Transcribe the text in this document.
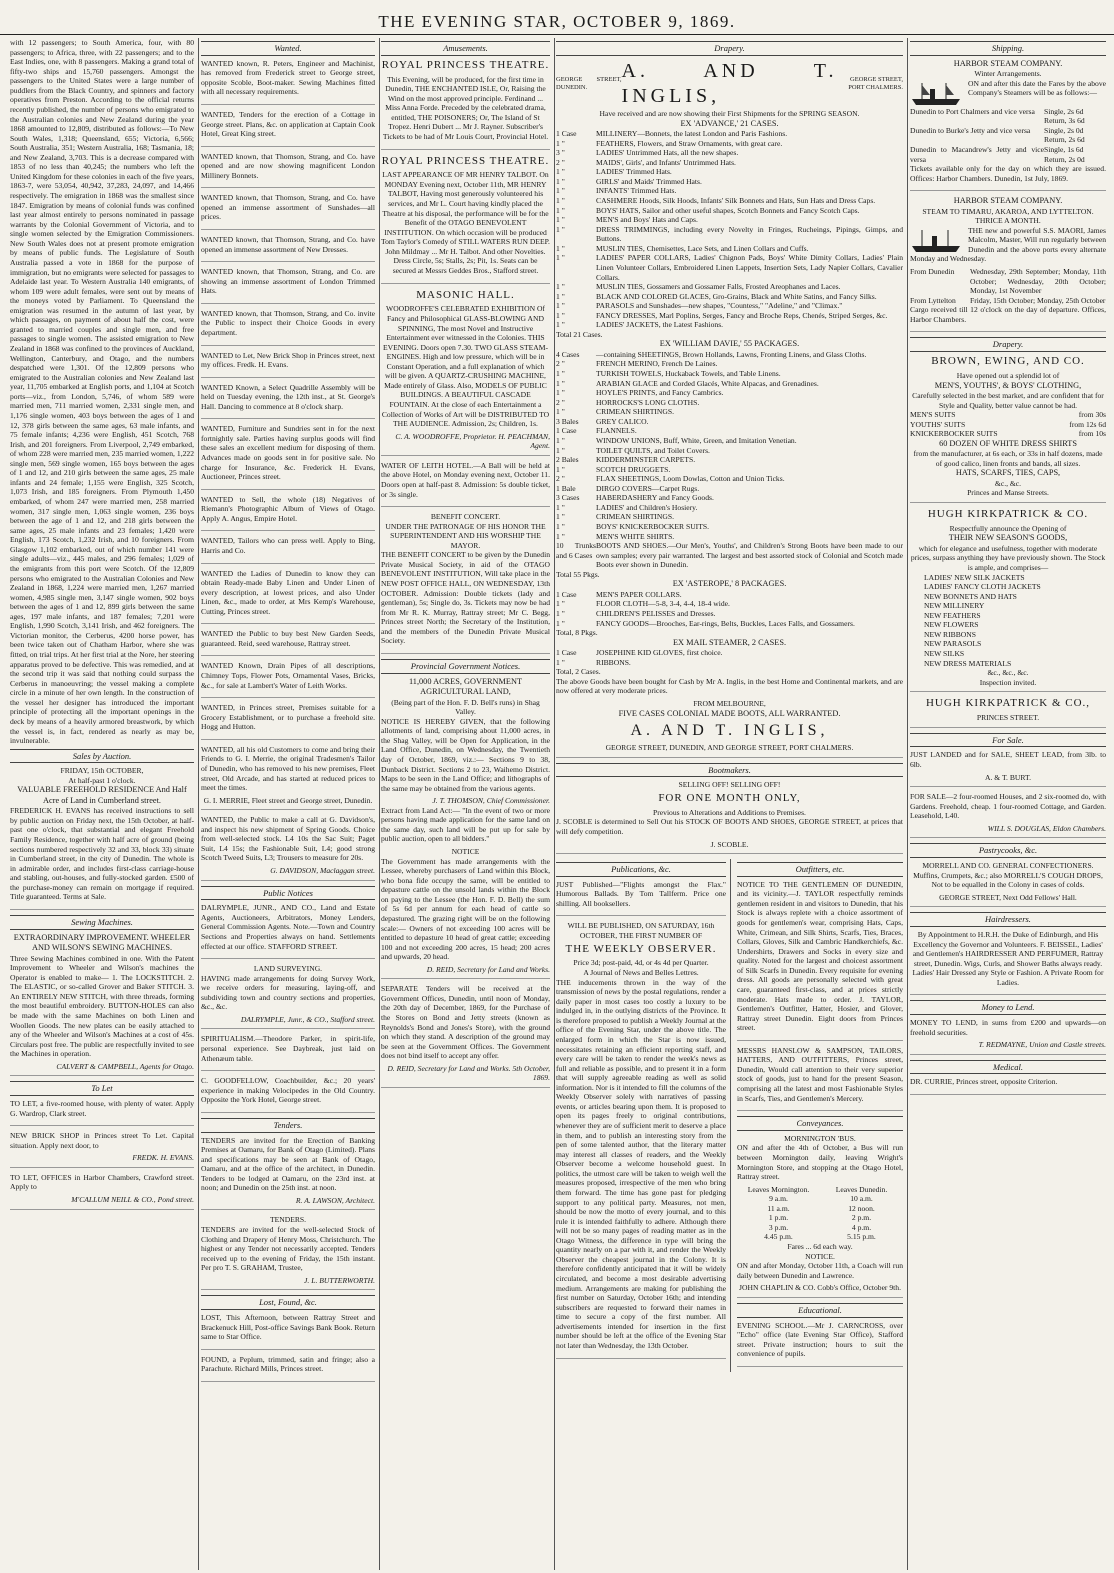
THE EVENING STAR, OCTOBER 9, 1869.

with 12 passengers; to South America, four, with 80 passengers; to Africa, three, with 22 passengers; and to the East Indies, one, with 8 passengers. Making a grand total of fifty-two ships and 15,760 passengers. Amongst the passengers to the United States were a large number of puddlers from the Black Country, and spinners and factory operatives from Preston. According to the official returns recently published, the number of persons who emigrated to the Australian colonies and New Zealand during the year 1868 amounted to 12,809, distributed as follows:—To New South Wales, 1,318; Queensland, 655; Victoria, 6,566; South Australia, 351; Western Australia, 168; Tasmania, 18; and New Zealand, 3,703. This is a decrease compared with 1853 of no less than 40,245; the numbers who left the United Kingdom for these colonies in each of the five years, 1863-7, were 53,054, 40,942, 37,283, 24,097, and 14,466 respectively. The emigration in 1868 was the smallest since 1847. Emigration by means of colonial funds was confined last year almost entirely to persons nominated in passage warrants by the Colonial Government of Victoria, and to single women selected by the Emigration Commissioners. New South Wales does not at present promote emigration by means of public funds. The Legislature of South Australia passed a vote in 1868 for the purpose of immigration, but no emigrants were selected for passages to Adelaide last year. To Western Australia 140 emigrants, of whom 109 were adult females, were sent out by means of the moneys voted by Parliament. To Queensland the emigration was resumed in the autumn of last year, by which passages, on payment of about half the cost, were granted to married couples and single men, and free passages to single women. The assisted emigration to New Zealand in 1868 was confined to the provinces of Auckland, Wellington, Canterbury, and Otago, and the numbers despatched were 1,301. Of the 12,809 persons who emigrated to the Australian colonies and New Zealand last year, 11,705 embarked at English ports, and 1,104 at Scotch ports—viz., from London, 5,746, of whom 589 were married men, 711 married women, 2,331 single men, and 1,176 single women, 403 boys between the ages of 1 and 12, 378 girls between the same ages, 63 male infants, and 75 female infants; 4,236 were English, 451 Scotch, 768 Irish, and 201 foreigners. From Liverpool, 2,749 embarked, of whom 228 were married men, 235 married women, 1,222 single men, 569 single women, 165 boys between the ages of 1 and 12, and 210 girls between the same ages, 25 male infants and 24 female; 1,155 were English, 325 Scotch, 1,073 Irish, and 185 foreigners. From Plymouth 1,450 embarked, of whom 247 were married men, 258 married women, 317 single men, 1,063 single women, 236 boys between the age of 1 and 12, and 218 girls between the same ages, 25 male infants and 23 females; 1,420 were English, 173 Scotch, 1,232 Irish, and 10 foreigners. From Glasgow 1,102 embarked, out of which number 141 were single adults—viz., 445 males, and 296 females; 1,029 of the emigrants from this port were Scotch. Of the 12,809 persons who emigrated to the Australian Colonies and New Zealand in 1868, 1,224 were married men, 1,267 married women, 4,985 single men, 3,147 single women, 902 boys between the ages of 1 and 12, 899 girls between the same ages, 197 male infants, and 187 females; 7,201 were English, 1,990 Scotch, 3,141 Irish, and 462 foreigners. The Victorian monitor, the Cerberus, 4200 horse power, has been twice taken out of Chatham Harbor, where she was fitted, on trial trips. At her first trial at the Nore, her steering apparatus proved to be defective. This was remedied, and at the second trip it was said that nothing could surpass the Cerberus in manoeuvring; the vessel making a complete circle in a minute of her own length. In the construction of the vessel her designer has introduced the important principle of protecting all the important openings in the deck by means of a heavily armored breastwork, by which the vessel is, in fact, rendered as nearly as may be, invulnerable.

Sales by Auction.
FRIDAY, 15th OCTOBER,
At half-past 1 o'clock.
VALUABLE FREEHOLD RESIDENCE And Half Acre of Land in Cumberland street.

FREDERICK H. EVANS has received instructions to sell by public auction on Friday next, the 15th October, at half-past one o'clock, that substantial and elegant Freehold Family Residence, together with half acre of ground (being sections numbered respectively 32 and 33, block 33) situate in Cumberland street, in the city of Dunedin. The whole is in admirable order, and includes first-class carriage-house and stabling, out-houses, and fully-stocked garden. £500 of the purchase-money can remain on mortgage if required. Title guaranteed. Terms at Sale.

Sewing Machines.
EXTRAORDINARY IMPROVEMENT. WHEELER AND WILSON'S SEWING MACHINES.

Three Sewing Machines combined in one. With the Patent Improvement to Wheeler and Wilson's machines the Operator is enabled to make— 1. The LOCKSTITCH. 2. The ELASTIC, or so-called Grover and Baker STITCH. 3. An ENTIRELY NEW STITCH, with three threads, forming the most beautiful embroidery. BUTTON-HOLES can also be made with the same Machines on both Linen and Woollen Goods. The new plates can be easily attached to any of the Wheeler and Wilson's Machines at a cost of 45s. Circulars post free. The public are respectfully invited to see the Machines in operation.

CALVERT & CAMPBELL, Agents for Otago.
To Let

TO LET, a five-roomed house, with plenty of water. Apply G. Wardrop, Clark street.

NEW BRICK SHOP in Princes street To Let. Capital situation. Apply next door, to

FREDK. H. EVANS.

TO LET, OFFICES in Harbor Chambers, Crawford street. Apply to

M'CALLUM NEILL & CO., Pond street.
Wanted.

WANTED known, R. Peters, Engineer and Machinist, has removed from Frederick street to George street, opposite Scoble, Boot-maker. Sewing Machines fitted with all necessary requirements.

WANTED, Tenders for the erection of a Cottage in George street. Plans, &c. on application at Captain Cook Hotel, Great King street.

WANTED known, that Thomson, Strang, and Co. have opened and are now showing magnificent London Millinery Bonnets.

WANTED known, that Thomson, Strang, and Co. have opened an immense assortment of Sunshades—all prices.

WANTED known, that Thomson, Strang, and Co. have opened an immense assortment of New Dresses.

WANTED known, that Thomson, Strang, and Co. are showing an immense assortment of London Trimmed Hats.

WANTED known, that Thomson, Strang, and Co. invite the Public to inspect their Choice Goods in every department.

WANTED to Let, New Brick Shop in Princes street, next my offices. Fredk. H. Evans.

WANTED Known, a Select Quadrille Assembly will be held on Tuesday evening, the 12th inst., at St. George's Hall. Dancing to commence at 8 o'clock sharp.

WANTED, Furniture and Sundries sent in for the next fortnightly sale. Parties having surplus goods will find these sales an excellent medium for disposing of them. Advances made on goods sent in for positive sale. No charge for Insurance, &c. Frederick H. Evans, Auctioneer, Princes street.

WANTED to Sell, the whole (18) Negatives of Riemann's Photographic Album of Views of Otago. Apply A. Angus, Empire Hotel.

WANTED, Tailors who can press well. Apply to Bing, Harris and Co.

WANTED the Ladies of Dunedin to know they can obtain Ready-made Baby Linen and Under Linen of every description, at lowest prices, and also Under Linen, &c., made to order, at Mrs Kemp's Warehouse, Cutting, Princes street.

WANTED the Public to buy best New Garden Seeds, guaranteed. Reid, seed warehouse, Rattray street.

WANTED Known, Drain Pipes of all descriptions, Chimney Tops, Flower Pots, Ornamental Vases, Bricks, &c., for sale at Lambert's Water of Leith Works.

WANTED, in Princes street, Premises suitable for a Grocery Establishment, or to purchase a freehold site. Hogg and Hutton.

WANTED, all his old Customers to come and bring their Friends to G. I. Merrie, the original Tradesmen's Tailor of Dunedin, who has removed to his new premises, Fleet street, Old Arcade, and has started at reduced prices to meet the times.

G. I. MERRIE, Fleet street and George street, Dunedin.

WANTED, the Public to make a call at G. Davidson's, and inspect his new shipment of Spring Goods. Choice from well-selected stock. L4 10s the Sac Suit; Paget Suit, L4 15s; the Fashionable Suit, L4; good strong Scotch Tweed Suits, L3; Trousers to measure for 20s.

G. DAVIDSON, Maclaggan street.
Public Notices

DALRYMPLE, JUNR., AND CO., Land and Estate Agents, Auctioneers, Arbitrators, Money Lenders, General Commission Agents. Note.—Town and Country Sections and Properties always on hand. Settlements effected at our office. STAFFORD STREET.

LAND SURVEYING.

HAVING made arrangements for doing Survey Work, we receive orders for measuring, laying-off, and subdividing town and country sections and properties, &c., &c.

DALRYMPLE, Junr., & CO., Stafford street.

SPIRITUALISM.—Theodore Parker, in spirit-life, personal experience. See Daybreak, just laid on Athenæum table.

C. GOODFELLOW, Coachbuilder, &c.; 20 years' experience in making Velocipedes in the Old Country. Opposite the York Hotel, George street.

Tenders.

TENDERS are invited for the Erection of Banking Premises at Oamaru, for Bank of Otago (Limited). Plans and specifications may be seen at Bank of Otago, Oamaru, and at the office of the architect, in Dunedin. Tenders to be lodged at Oamaru, on the 23rd inst. at noon; and Dunedin on the 25th inst. at noon.

R. A. LAWSON, Architect.
TENDERS.

TENDERS are invited for the well-selected Stock of Clothing and Drapery of Henry Moss, Christchurch. The highest or any Tender not necessarily accepted. Tenders received up to the evening of Friday, the 15th instant. Per pro T. S. GRAHAM, Trustee,

J. L. BUTTERWORTH.
Lost, Found, &c.

LOST, This Afternoon, between Rattray Street and Brackenuck Hill, Post-office Savings Bank Book. Return same to Star Office.

FOUND, a Peplum, trimmed, satin and fringe; also a Parachute. Richard Mills, Princes street.

Amusements.
ROYAL PRINCESS THEATRE.

This Evening, will be produced, for the first time in Dunedin, THE ENCHANTED ISLE, Or, Raising the Wind on the most approved principle. Ferdinand ... Miss Anna Forde. Preceded by the celebrated drama, entitled, THE POISONERS; Or, The Island of St Tropez. Henri Dubert ... Mr J. Rayner. Subscriber's Tickets to be had of Mr Louis Court, Provincial Hotel.

ROYAL PRINCESS THEATRE.

LAST APPEARANCE OF MR HENRY TALBOT. On MONDAY Evening next, October 11th, MR HENRY TALBOT, Having most generously volunteered his services, and Mr L. Court having kindly placed the Theatre at his disposal, the performance will be for the Benefit of the OTAGO BENEVOLENT INSTITUTION. On which occasion will be produced Tom Taylor's Comedy of STILL WATERS RUN DEEP. John Mildmay ... Mr H. Talbot. And other Novelties. Dress Circle, 5s; Stalls, 2s; Pit, 1s. Seats can be secured at Messrs Geddes Bros., Stafford street.

MASONIC HALL.

WOODROFFE'S CELEBRATED EXHIBITION Of Fancy and Philosophical GLASS-BLOWING AND SPINNING, The most Novel and Instructive Entertainment ever witnessed in the Colonies. THIS EVENING. Doors open 7.30. TWO GLASS STEAM-ENGINES. High and low pressure, which will be in Constant Operation, and a full explanation of which will be given. A QUARTZ-CRUSHING MACHINE, Made entirely of Glass. Also, MODELS OF PUBLIC BUILDINGS. A BEAUTIFUL CASCADE FOUNTAIN. At the close of each Entertainment a Collection of Works of Art will be DISTRIBUTED TO THE AUDIENCE. Admission, 2s; Children, 1s.

C. A. WOODROFFE, Proprietor. H. PEACHMAN, Agent.

WATER OF LEITH HOTEL.—A Ball will be held at the above Hotel, on Monday evening next, October 11. Doors open at half-past 8. Admission: 5s double ticket, or 3s single.

BENEFIT CONCERT.
UNDER THE PATRONAGE OF HIS HONOR THE SUPERINTENDENT AND HIS WORSHIP THE MAYOR.

THE BENEFIT CONCERT to be given by the Dunedin Private Musical Society, in aid of the OTAGO BENEVOLENT INSTITUTION, Will take place in the NEW POST OFFICE HALL, ON WEDNESDAY, 13th OCTOBER. Admission: Double tickets (lady and gentleman), 5s; Single do, 3s. Tickets may now be had from Mr R. K. Murray, Rattray street; Mr C. Begg, Princes street North; the Secretary of the Institution, and the members of the Dunedin Private Musical Society.

Provincial Government Notices.
11,000 ACRES, GOVERNMENT AGRICULTURAL LAND,
(Being part of the Hon. F. D. Bell's runs) in Shag Valley.

NOTICE IS HEREBY GIVEN, that the following allotments of land, comprising about 11,000 acres, in the Shag Valley, will be Open for Application, in the Land Office, Dunedin, on Wednesday, the Twentieth day of October, 1869, viz.:— Sections 9 to 38, Dunback District. Sections 2 to 23, Waihemo District. Maps to be seen in the Land Office; and lithographs of the same may be obtained from the various agents.

J. T. THOMSON, Chief Commissioner.

Extract from Land Act:— "In the event of two or more persons having made application for the same land on the same day, such land will be put up for sale by public auction, open to all bidders."

NOTICE

The Government has made arrangements with the Lessee, whereby purchasers of Land within this Block, who bona fide occupy the same, will be entitled to depasture cattle on the unsold lands within the Block on paying to the Lessee (the Hon. F. D. Bell) the sum of 5s 6d per annum for each head of cattle so depastured. The grazing right will be on the following scale:— Owners of not exceeding 100 acres will be entitled to depasture 10 head of great cattle; exceeding 100 and not exceeding 200 acres, 15 head; 200 acres and upwards, 20 head.

D. REID, Secretary for Land and Works.

SEPARATE Tenders will be received at the Government Offices, Dunedin, until noon of Monday, the 20th day of December, 1869, for the Purchase of the Stores on Bond and Jetty streets (known as Reynolds's Bond and Jones's Store), with the ground on which they stand. A description of the ground may be seen at the Government Offices. The Government does not bind itself to accept any offer.

D. REID, Secretary for Land and Works. 5th October, 1869.
Drapery.
GEORGE STREET, DUNEDIN.
A. AND T. INGLIS,
GEORGE STREET, PORT CHALMERS.
Have received and are now showing their First Shipments for the SPRING SEASON.
EX 'ADVANCE,' 21 CASES.
1 Case	MILLINERY—Bonnets, the latest London and Paris Fashions.
1 "	FEATHERS, Flowers, and Straw Ornaments, with great care.
3 "	LADIES' Untrimmed Hats, all the new shapes.
2 "	MAIDS', Girls', and Infants' Untrimmed Hats.
1 "	LADIES' Trimmed Hats.
1 "	GIRLS' and Maids' Trimmed Hats.
1 "	INFANTS' Trimmed Hats.
1 "	CASHMERE Hoods, Silk Hoods, Infants' Silk Bonnets and Hats, Sun Hats and Dress Caps.
1 "	BOYS' HATS, Sailor and other useful shapes, Scotch Bonnets and Fancy Scotch Caps.
1 "	MEN'S and Boys' Hats and Caps.
1 "	DRESS TRIMMINGS, including every Novelty in Fringes, Rucheings, Pipings, Gimps, and Buttons.
1 "	MUSLIN TIES, Chemisettes, Lace Sets, and Linen Collars and Cuffs.
1 "	LADIES' PAPER COLLARS, Ladies' Chignon Pads, Boys' White Dimity Collars, Ladies' Plain Linen Volunteer Collars, Embroidered Linen Lappets, Insertion Sets, Lady Napier Collars, Cavalier Collars.
1 "	MUSLIN TIES, Gossamers and Gossamer Falls, Frosted Areophanes and Laces.
1 "	BLACK AND COLORED GLACES, Gro-Grains, Black and White Satins, and Fancy Silks.
1 "	PARASOLS and Sunshades—new shapes, "Countess," "Adeline," and "Climax."
1 "	FANCY DRESSES, Marl Poplins, Serges, Fancy and Broche Reps, Chenés, Striped Serges, &c.
1 "	LADIES' JACKETS, the Latest Fashions.
Total 21 Cases.
EX 'WILLIAM DAVIE,' 55 PACKAGES.
4 Cases	—containing SHEETINGS, Brown Hollands, Lawns, Fronting Linens, and Glass Cloths.
2 "	FRENCH MERINO, French De Laines.
1 "	TURKISH TOWELS, Huckaback Towels, and Table Linens.
1 "	ARABIAN GLACE and Corded Glacés, White Alpacas, and Grenadines.
1 "	HOYLE'S PRINTS, and Fancy Cambrics.
2 "	HORROCKS'S LONG CLOTHS.
1 "	CRIMEAN SHIRTINGS.
3 Bales	GREY CALICO.
1 Case	FLANNELS.
1 "	WINDOW UNIONS, Buff, White, Green, and Imitation Venetian.
1 "	TOILET QUILTS, and Toilet Covers.
2 Bales	KIDDERMINSTER CARPETS.
1 "	SCOTCH DRUGGETS.
2 "	FLAX SHEETINGS, Loom Dowlas, Cotton and Union Ticks.
1 Bale	DIRGO COVERS—Carpet Rugs.
3 Cases	HABERDASHERY and Fancy Goods.
1 "	LADIES' and Children's Hosiery.
1 "	CRIMEAN SHIRTINGS.
1 "	BOYS' KNICKERBOCKER SUITS.
1 "	MEN'S WHITE SHIRTS.
10 Trunks and 6 Cases
BOOTS AND SHOES.—Our Men's, Youths', and Children's Strong Boots have been made to our own samples; every pair warranted. The largest and best assorted stock of Colonial and Scotch made Boots ever shown in Dunedin.
Total 55 Pkgs.
EX 'ASTEROPE,' 8 PACKAGES.
1 Case	MEN'S PAPER COLLARS.
1 "	FLOOR CLOTH—5-8, 3-4, 4-4, 18-4 wide.
1 "	CHILDREN'S PELISSES and Dresses.
1 "	FANCY GOODS—Brooches, Ear-rings, Belts, Buckles, Laces Falls, and Gossamers.
Total, 8 Pkgs.
EX MAIL STEAMER, 2 CASES.
1 Case	JOSEPHINE KID GLOVES, first choice.
1 "	RIBBONS.
Total, 2 Cases.

The above Goods have been bought for Cash by Mr A. Inglis, in the best Home and Continental markets, and are now offered at very moderate prices.

FROM MELBOURNE,
FIVE CASES COLONIAL MADE BOOTS, ALL WARRANTED.
A. AND T. INGLIS,
GEORGE STREET, DUNEDIN, AND GEORGE STREET, PORT CHALMERS.
Bootmakers.
SELLING OFF! SELLING OFF!
FOR ONE MONTH ONLY,
Previous to Alterations and Additions to Premises.

J. SCOBLE is determined to Sell Out his STOCK OF BOOTS AND SHOES, GEORGE STREET, at prices that will defy competition.

J. SCOBLE.
Publications, &c.

JUST Published—"Flights amongst the Flax." Humorous Ballads. By Tom Tallferm. Price one shilling. All booksellers.

WILL BE PUBLISHED, ON SATURDAY, 16th OCTOBER, THE FIRST NUMBER OF
THE WEEKLY OBSERVER.
Price 3d; post-paid, 4d, or 4s 4d per Quarter.
A Journal of News and Belles Lettres.

THE inducements thrown in the way of the transmission of news by the postal regulations, render a daily paper in most cases too costly a luxury to be indulged in, in the outlying districts of the Province. It is therefore proposed to publish a Weekly Journal at the office of the Evening Star, under the above title. The enlarged form in which the Star is now issued, necessitates retaining an efficient reporting staff, and every care will be taken to render the week's news as full and reliable as possible, and to present it in a form that will supply agreeable reading as well as solid information. Nor is it intended to fill the columns of the Weekly Observer solely with narratives of passing events, or articles bearing upon them. It is proposed to open its pages freely to original contributions, whenever they are of sufficient merit to deserve a place in them, and to publish an interesting story from the pen of some talented author, that the literary matter may interest all classes of readers, and the Weekly Observer become a welcome household guest. In politics, the utmost care will be taken to weigh well the measures proposed, irrespective of the men who bring them forward. The time has gone past for pledging support to any political party. Measures, not men, should be now the motto of every journal, and to this rule it is intended faithfully to adhere. Although there will not be so many pages of reading matter as in the Otago Witness, the difference in type will bring the quantity nearly on a par with it, and render the Weekly Observer the cheapest journal in the Colony. It is therefore confidently anticipated that it will be widely circulated, and become a most desirable advertising medium. Arrangements are making for publishing the first number on Saturday, October 16th; and intending subscribers are requested to forward their names in time to secure a copy of the first number. All advertisements intended for insertion in the first number should be left at the office of the Evening Star not later than Wednesday, the 13th October.

Outfitters, etc.

NOTICE TO THE GENTLEMEN OF DUNEDIN, and its vicinity.—J. TAYLOR respectfully reminds gentlemen resident in and visitors to Dunedin, that his Stock is always replete with a choice assortment of goods for gentlemen's wear, comprising Hats, Caps, White, Crimean, and Silk Shirts, Scarfs, Ties, Braces, Collars, Gloves, Silk and Cambric Handkerchiefs, &c. Undershirts, Drawers and Socks in every size and quality. Noted for the largest and choicest assortment of Silk Scarfs in Dunedin. Every requisite for evening dress. All goods are personally selected with great care, guaranteed first-class, and at prices strictly moderate. Hats made to order. J. TAYLOR, Gentlemen's Outfitter, Hatter, Hosier, and Glover, Rattray street Dunedin. Eight doors from Princes street.

MESSRS HANSLOW & SAMPSON, TAILORS, HATTERS, AND OUTFITTERS, Princes street, Dunedin, Would call attention to their very superior stock of goods, just to hand for the present Season, comprising all the latest and most Fashionable Styles in Scarfs, Ties, and Gentlemen's Mercery.

Conveyances.
MORNINGTON 'BUS.

ON and after the 4th of October, a Bus will run between Mornington daily, leaving Wright's Mornington Store, and stopping at the Otago Hotel, Rattray street.

Leaves Mornington.	Leaves Dunedin.
9 a.m.	10 a.m.
11 a.m.	12 noon.
1 p.m.	2 p.m.
3 p.m.	4 p.m.
4.45 p.m.	5.15 p.m.
Fares ... 6d each way.
NOTICE.

ON and after Monday, October 11th, a Coach will run daily between Dunedin and Lawrence.

JOHN CHAPLIN & CO. Cobb's Office, October 9th.
Educational.

EVENING SCHOOL.—Mr J. CARNCROSS, over "Echo" office (late Evening Star Office), Stafford street. Private instruction; hours to suit the convenience of pupils.

Shipping.
HARBOR STEAM COMPANY.
Winter Arrangements.

ON and after this date the Fares by the above Company's Steamers will be as follows:—

Dunedin to Port Chalmers and vice versa	Single, 2s 6d
Return, 3s 6d
Dunedin to Burke's Jetty and vice versa	Single, 2s 0d
Return, 2s 6d
Dunedin to Macandrew's Jetty and vice versa
Single, 1s 6d
Return, 2s 0d

Tickets available only for the day on which they are issued. Offices: Harbor Chambers. Dunedin, 1st July, 1869.

HARBOR STEAM COMPANY.
STEAM TO TIMARU, AKAROA, AND LYTTELTON.
THRICE A MONTH.

THE new and powerful S.S. MAORI, James Malcolm, Master, Will run regularly between Dunedin and the above ports every alternate Monday and Wednesday.

From Dunedin	Wednesday, 29th September; Monday, 11th October; Wednesday, 20th October; Monday, 1st November
From Lyttelton	Friday, 15th October; Monday, 25th October

Cargo received till 12 o'clock on the day of departure. Offices, Harbor Chambers.

Drapery.
BROWN, EWING, AND CO.
Have opened out a splendid lot of
MEN'S, YOUTHS', & BOYS' CLOTHING,
Carefully selected in the best market, and are confident that for Style and Quality, better value cannot be had.
MEN'S SUITS	from 30s
YOUTHS' SUITS	from 12s 6d
KNICKERBOCKER SUITS	from 10s
60 DOZEN OF WHITE DRESS SHIRTS
from the manufacturer, at 6s each, or 33s in half dozens, made of good calico, linen fronts and bands, all sizes.
HATS, SCARFS, TIES, CAPS,
&c., &c.
Princes and Manse Streets.
HUGH KIRKPATRICK & CO.
Respectfully announce the Opening of
THEIR NEW SEASON'S GOODS,
which for elegance and usefulness, together with moderate prices, surpass anything they have previously shown. The Stock is ample, and comprises—
LADIES' NEW SILK JACKETS
LADIES' FANCY CLOTH JACKETS
NEW BONNETS AND HATS
NEW MILLINERY
NEW FEATHERS
NEW FLOWERS
NEW RIBBONS
NEW PARASOLS
NEW SILKS
NEW DRESS MATERIALS
&c., &c., &c.
Inspection invited.
HUGH KIRKPATRICK & CO.,
PRINCES STREET.
For Sale.

JUST LANDED and for SALE, SHEET LEAD, from 3lb. to 6lb.

A. & T. BURT.

FOR SALE—2 four-roomed Houses, and 2 six-roomed do, with Gardens. Freehold, cheap. 1 four-roomed Cottage, and Garden. Leasehold, L40.

WILL S. DOUGLAS, Eldon Chambers.
Pastrycooks, &c.

MORRELL AND CO. GENERAL CONFECTIONERS. Muffins, Crumpets, &c.; also MORRELL'S COUGH DROPS, Not to be equalled in the Colony in cases of colds.

GEORGE STREET, Next Odd Fellows' Hall.
Hairdressers.

By Appointment to H.R.H. the Duke of Edinburgh, and His Excellency the Governor and Volunteers. F. BEISSEL, Ladies' and Gentlemen's HAIRDRESSER AND PERFUMER, Rattray street, Dunedin. Wigs, Curls, and Shower Baths always ready. Ladies' Hair Dressed any Style or Fashion. A Private Room for Ladies.

Money to Lend.

MONEY TO LEND, in sums from £200 and upwards—on freehold securities.

T. REDMAYNE, Union and Castle streets.
Medical.

DR. CURRIE, Princes street, opposite Criterion.
